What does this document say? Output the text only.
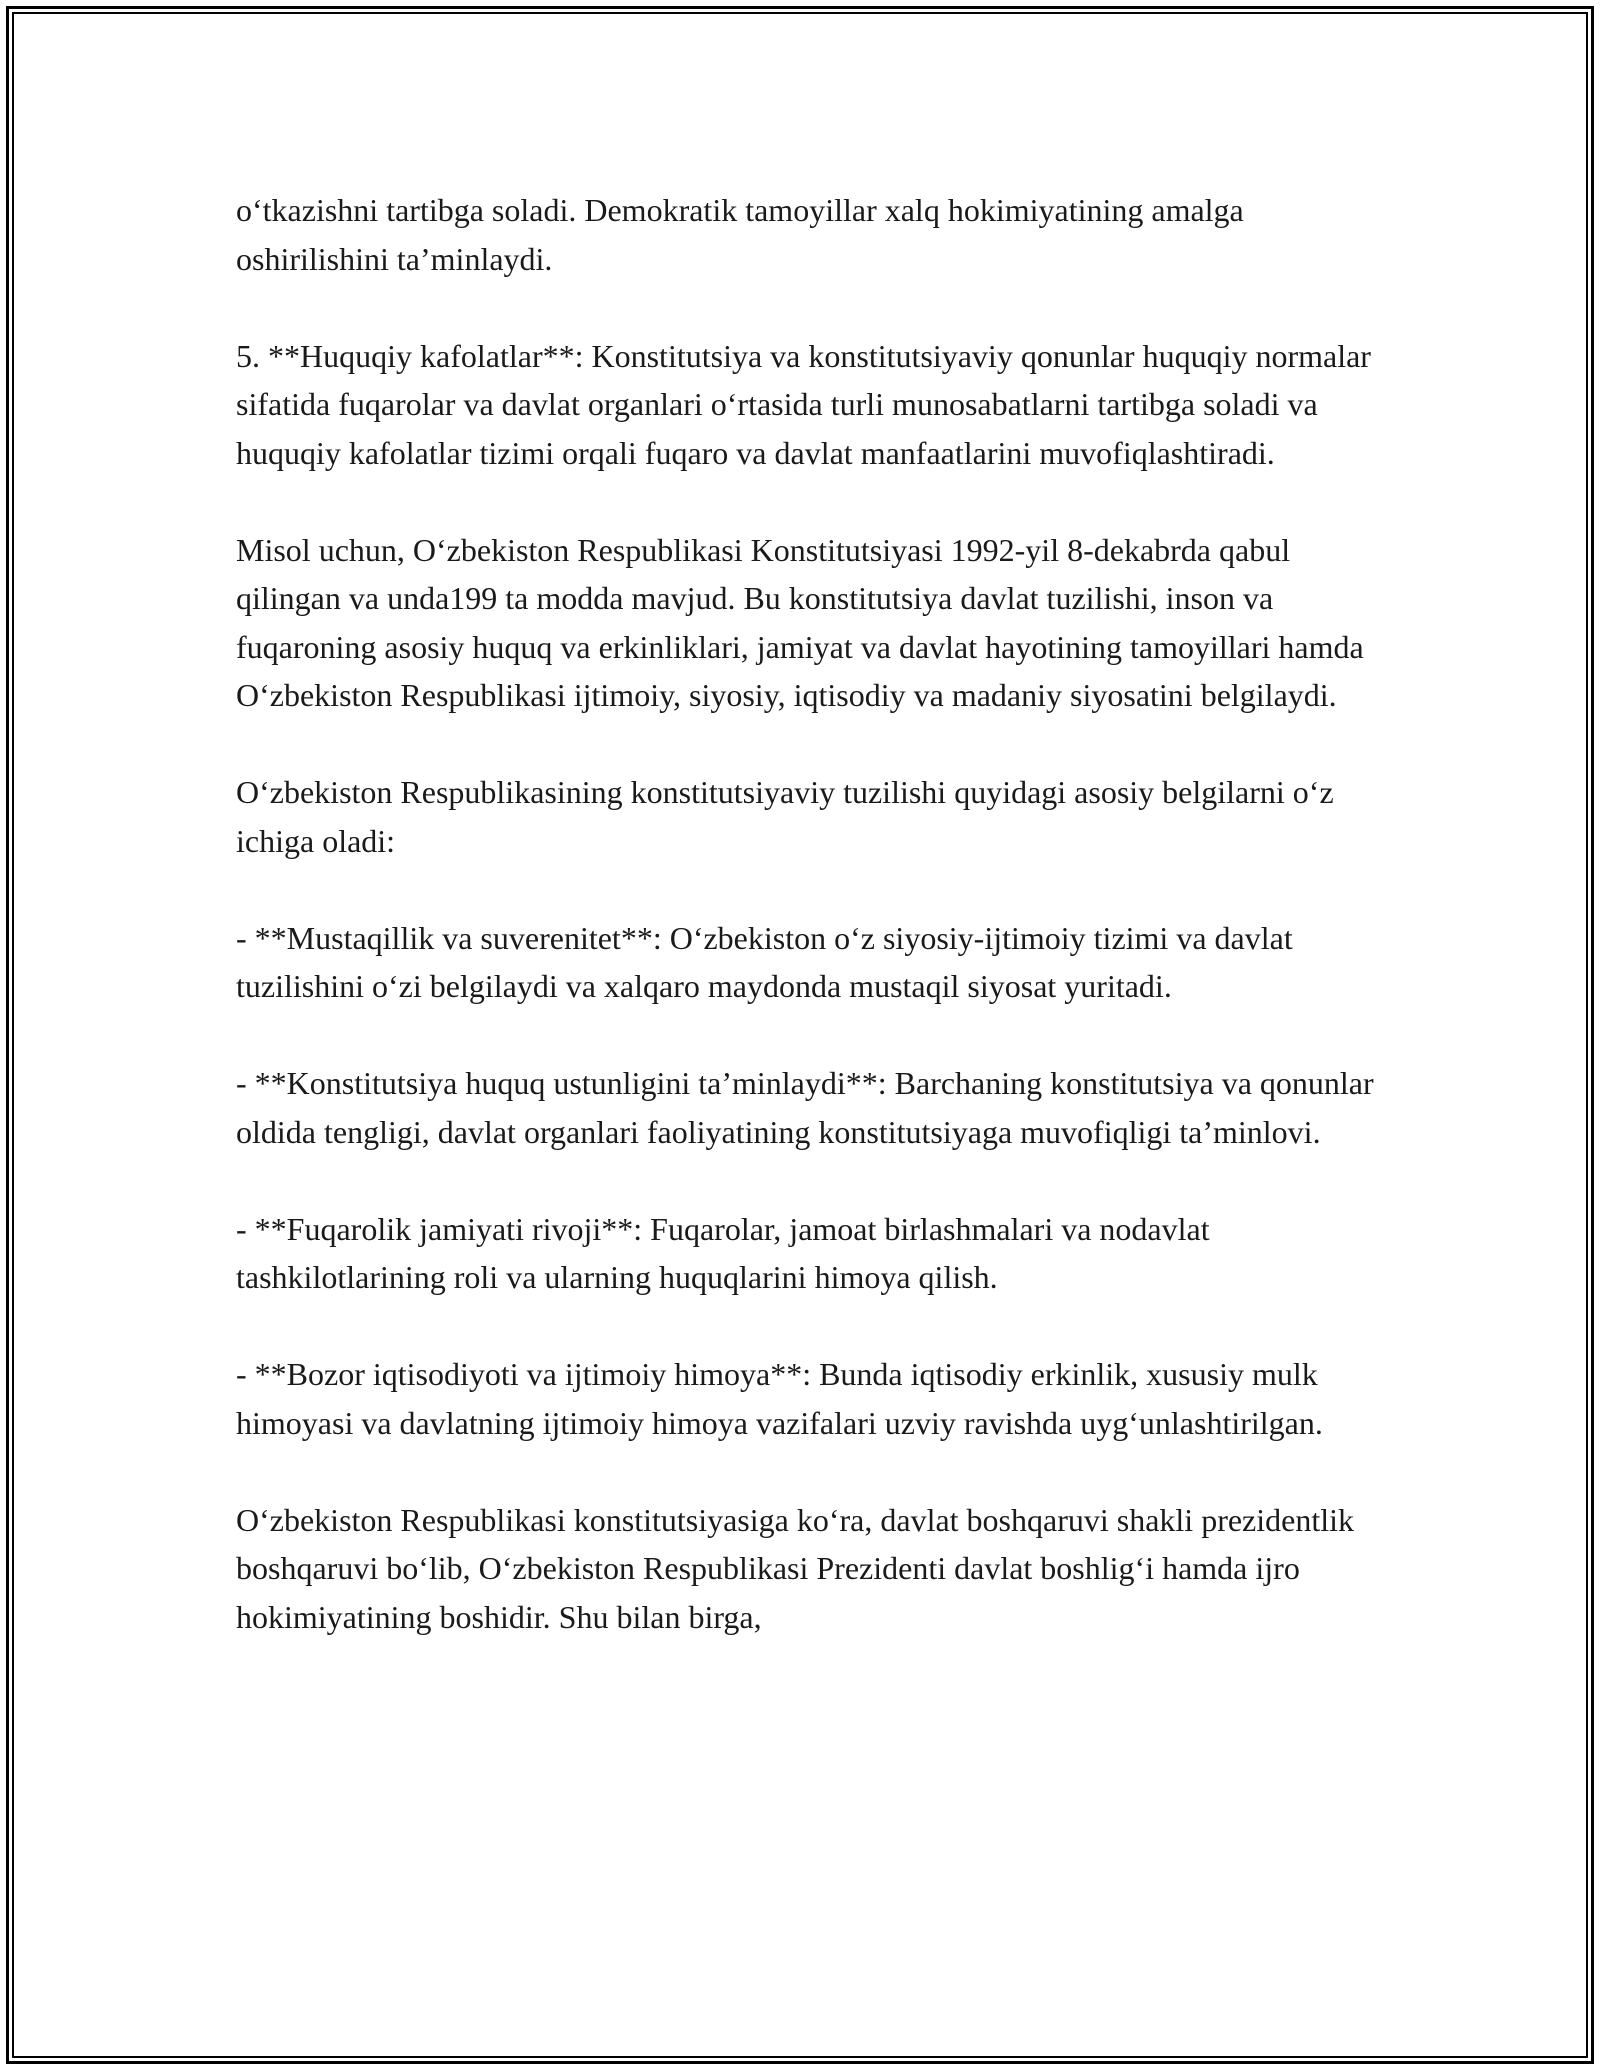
o‘tkazishni tartibga soladi. Demokratik tamoyillar xalq hokimiyatining amalga oshirilishini ta’minlaydi.

5. **Huquqiy kafolatlar**: Konstitutsiya va konstitutsiyaviy qonunlar huquqiy normalar sifatida fuqarolar va davlat organlari o‘rtasida turli munosabatlarni tartibga soladi va huquqiy kafolatlar tizimi orqali fuqaro va davlat manfaatlarini muvofiqlashtiradi.

Misol uchun, O‘zbekiston Respublikasi Konstitutsiyasi 1992-yil 8-dekabrda qabul qilingan va unda199 ta modda mavjud. Bu konstitutsiya davlat tuzilishi, inson va fuqaroning asosiy huquq va erkinliklari, jamiyat va davlat hayotining tamoyillari hamda O‘zbekiston Respublikasi ijtimoiy, siyosiy, iqtisodiy va madaniy siyosatini belgilaydi.

O‘zbekiston Respublikasining konstitutsiyaviy tuzilishi quyidagi asosiy belgilarni o‘z ichiga oladi:

- **Mustaqillik va suverenitet**: O‘zbekiston o‘z siyosiy-ijtimoiy tizimi va davlat tuzilishini o‘zi belgilaydi va xalqaro maydonda mustaqil siyosat yuritadi.

- **Konstitutsiya huquq ustunligini ta’minlaydi**: Barchaning konstitutsiya va qonunlar oldida tengligi, davlat organlari faoliyatining konstitutsiyaga muvofiqligi ta’minlovi.

- **Fuqarolik jamiyati rivoji**: Fuqarolar, jamoat birlashmalari va nodavlat tashkilotlarining roli va ularning huquqlarini himoya qilish.

- **Bozor iqtisodiyoti va ijtimoiy himoya**: Bunda iqtisodiy erkinlik, xususiy mulk himoyasi va davlatning ijtimoiy himoya vazifalari uzviy ravishda uyg‘unlashtirilgan.

O‘zbekiston Respublikasi konstitutsiyasiga ko‘ra, davlat boshqaruvi shakli prezidentlik boshqaruvi bo‘lib, O‘zbekiston Respublikasi Prezidenti davlat boshlig‘i hamda ijro hokimiyatining boshidir. Shu bilan birga,
